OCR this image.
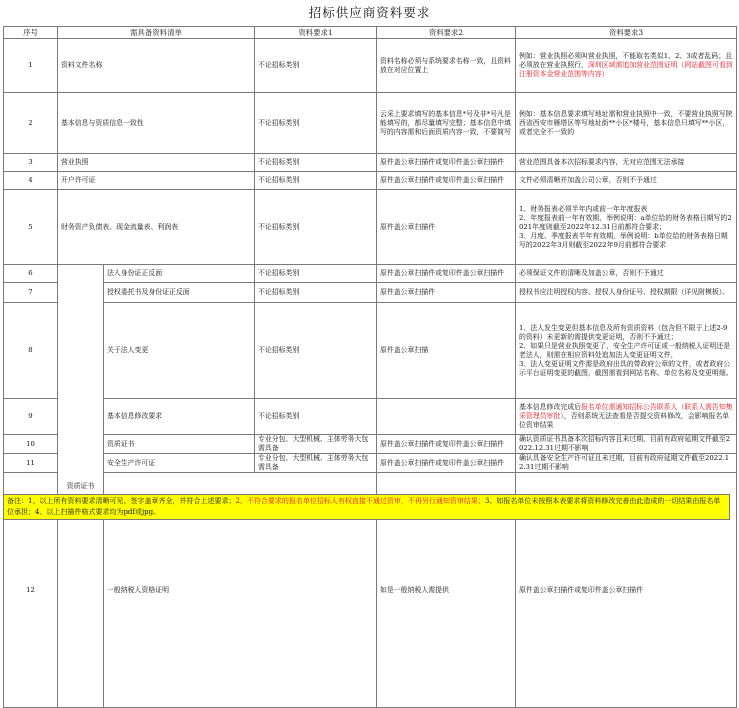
招标供应商资料要求
序号	需具备资料清单		资料要求1	资料要求2	资料要求3	
1	资料文件名称		不论招标类别	资料名称必须与系统要求名称一致，且资料放在对应位置上	例如：营业执照必须叫营业执照，不能取名类似1、2、3或者乱码；且必须放在营业执照行，深圳区域需追加营业范围证明（网站截图可看到注册资本金营业范围等内容）	
2	基本信息与资质信息一致性		不论招标类别	云采上要求填写的基本信息*号及非*号凡是能填写的，都尽量填写完整；基本信息中填写的内容需和后面资质内容一致，不要简写	例如：基本信息要求填写地址需和营业执照中一致，不要营业执照写陕西省西安市雁塔区等写地址街**小区*楼号，基本信息只填写**小区，或者完全不一致的	
3	营业执照		不论招标类别	原件盖公章扫描件或复印件盖公章扫描件	营业范围具备本次招标要求内容，无对应范围无法承接	
4	开户许可证		不论招标类别	原件盖公章扫描件或复印件盖公章扫描件	文件必须清晰并加盖公司公章，否则不予通过	
5	财务资产负债表、现金流量表、利润表		不论招标类别	原件盖公章扫描件	1、财务报表必须半年内或前一年年度报表
2、年度报表前一年有效期，举例说明：a单位给的财务表格日期写的2021年度则截至2022年12.31日前都符合要求；
3、月度、季度报表半年有效期，举例说明：b单位给的财务表格日期写的2022年3月则截至2022年9月前都符合要求	

6	资质证书	法人身份证正反面	不论招标类别	原件盖公章扫描件或复印件盖公章扫描件	必须保证文件的清晰及加盖公章，否则不予通过	
7		授权委托书及身份证正反面	不论招标类别	原件盖公章扫描件	授权书应注明授权内容、授权人身份证号、授权期限（详见附模板）。	
8		关于法人变更	不论招标类别	原件盖公章扫描	1、法人发生变更但基本信息及所有资质资料（包含但不限于上述2-9的资料）未更新的需提供变更证明，否则不予通过；
2、如果只是营业执照变更了，安全生产许可证或一般纳税人证明还是老法人，则需在相应资料处追加法人变更证明文件，
3、法人变更证明文件需是政府出具的带政府公章的文件，或者政府公示平台证明变更的截图，截图需看到网站名称、单位名称及变更明细。	

9		基本信息修改要求	不论招标类别		基本信息修改完成后报名单位需通知招标公告联系人（联系人需告知集采管理员审批），否则系统无法查看是否提交资料修改，会影响报名单位资审结果	
10		资质证书	专业分包、大型机械、主体劳务大包需具备	原件盖公章扫描件或复印件盖公章扫描件	确认资质证书具备本次招标内容且未过期，目前有政府延期文件截至2022.12.31过期不影响	
11		安全生产许可证	专业分包、大型机械、主体劳务大包需具备	原件盖公章扫描件或复印件盖公章扫描件	确认具备安全生产许可证且未过期，目前有政府延期文件截至2022.12.31过期不影响	
12		一般纳税人资格证明		如是一般纳税人需提供	原件盖公章扫描件或复印件盖公章扫描件	
备注：1、以上所有资料要求清晰可见、签字盖章齐全，并符合上述要求；2、不符合要求的报名单位招标人有权直接不通过资审，不再另行通知资审结果；3、如报名单位未按照本表要求将资料修改完善由此造成的一切结果由报名单位承担；4、以上扫描件格式要求均为pdf或jpg。
